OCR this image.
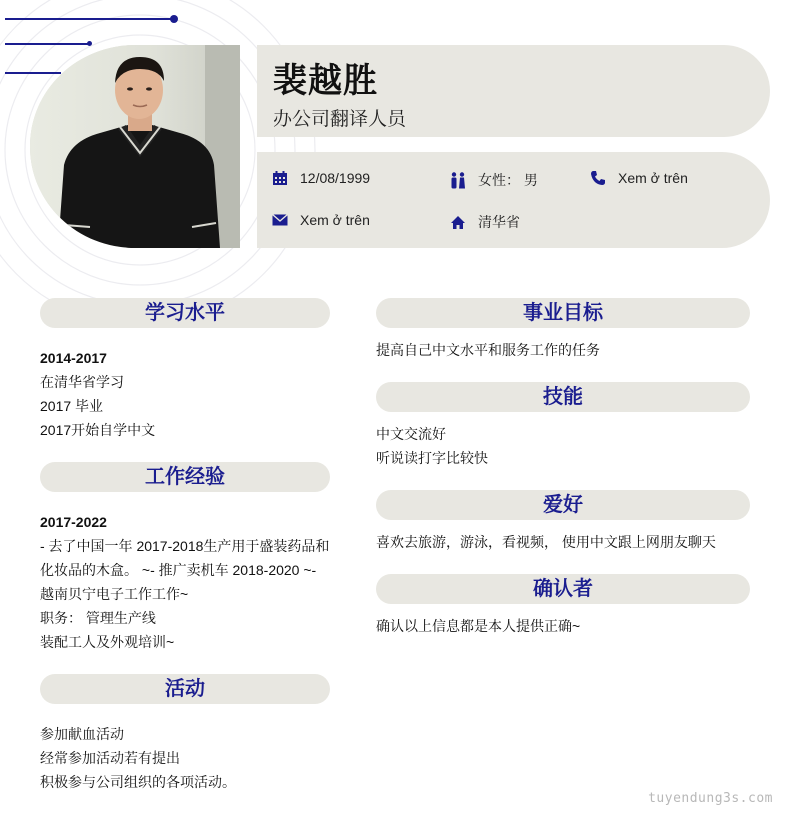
裴越胜
办公司翻译人员
12/08/1999	女性： 男	Xem ở trên
Xem ở trên	清华省
学习水平
2014-2017
在清华省学习
2017 毕业
2017开始自学中文
工作经验
2017-2022
- 去了中国一年 2017-2018生产用于盛装药品和
化妆品的木盒。 ~- 推广卖机车 2018-2020 ~-
越南贝宁电子工作工作~
职务： 管理生产线
装配工人及外观培训~
活动
参加献血活动
经常参加活动若有提出
积极参与公司组织的各项活动。
事业目标
提高自己中文水平和服务工作的任务
技能
中文交流好
听说读打字比较快
爱好
喜欢去旅游，游泳，看视频， 使用中文跟上网朋友聊天
确认者
确认以上信息都是本人提供正确~
tuyendung3s.com
